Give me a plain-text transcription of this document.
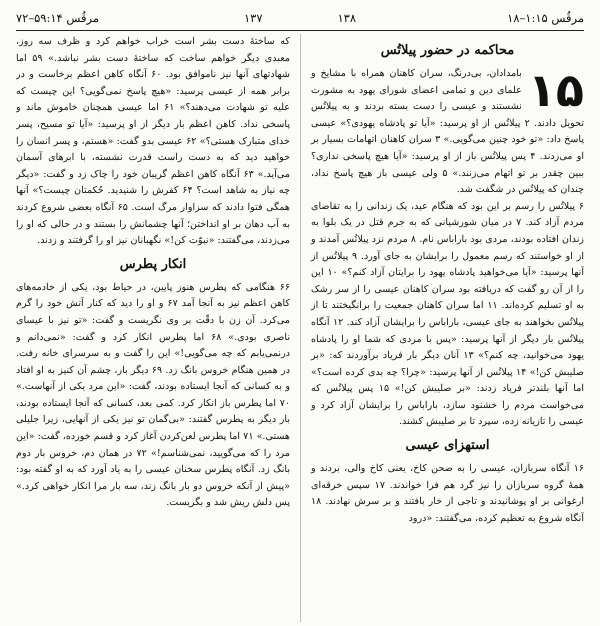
مرقُس ۱:۱۵–۱۸
۱۳۸
۱۳۷
مرقُس ۵۹:۱۴–۷۲
محاکمه در حضور پیلاتُس

۱۵
بامدادان، بی‌درنگ، سران کاهنان همراه با مشایخ و علمای دین و تمامی اعضای شورای یهود به مشورت نشستند و عیسی را دست بسته بردند و به پیلاتُس تحویل دادند. ۲ پیلاتُس از او پرسید: «آیا تو پادشاه یهودی؟» عیسی پاسخ داد: «تو خود چنین می‌گویی.» ۳ سران کاهنان اتهامات بسیار بر او می‌زدند. ۴ پس پیلاتُس باز از او پرسید: «آیا هیچ پاسخی نداری؟ ببین چقدر بر تو اتهام می‌زنند.» ۵ ولی عیسی باز هیچ پاسخ نداد، چندان که پیلاتُس در شگفت شد.

۶ پیلاتُس را رسم بر این بود که هنگام عید، یک زندانی را به تقاضای مردم آزاد کند. ۷ در میان شورشیانی که به جرم قتل در یک بلوا به زندان افتاده بودند، مردی بود باراباس نام. ۸ مردم نزد پیلاتُس آمدند و از او خواستند که رسم معمول را برایشان به جای آورد. ۹ پیلاتُس از آنها پرسید: «آیا می‌خواهید پادشاه یهود را برایتان آزاد کنم؟» ۱۰ این را از آن رو گفت که دریافته بود سران کاهنان عیسی را از سر رشک به او تسلیم کرده‌اند. ۱۱ اما سران کاهنان جمعیت را برانگیختند تا از پیلاتُس بخواهند به جای عیسی، باراباس را برایشان آزاد کند. ۱۲ آنگاه پیلاتُس بار دیگر از آنها پرسید: «پس با مردی که شما او را پادشاه یهود می‌خوانید، چه کنم؟» ۱۳ آنان دیگر بار فریاد برآوردند که: «بر صلیبش کن!» ۱۴ پیلاتُس از آنها پرسید: «چرا؟ چه بدی کرده است؟» اما آنها بلندتر فریاد زدند: «بر صلیبش کن!» ۱۵ پس پیلاتُس که می‌خواست مردم را خشنود سازد، باراباس را برایشان آزاد کرد و عیسی را تازیانه زده، سپرد تا بر صلیبش کشند.

استهزای عیسی

۱۶ آنگاه سربازان، عیسی را به صحن کاخ، یعنی کاخ والی، بردند و همهٔ گروه سربازان را نیز گرد هم فرا خواندند. ۱۷ سپس خرقه‌ای ارغوانی بر او پوشانیدند و تاجی از خار بافتند و بر سرش نهادند. ۱۸ آنگاه شروع به تعظیم کرده، می‌گفتند: «درود

که ساختهٔ دست بشر است خراب خواهم کرد و ظرف سه روز، معبدی دیگر خواهم ساخت که ساختهٔ دست بشر نباشد.» ۵۹ اما شهادتهای آنها نیز ناموافق بود. ۶۰ آنگاه کاهن اعظم برخاست و در برابر همه از عیسی پرسید: «هیچ پاسخ نمی‌گویی؟ این چیست که علیه تو شهادت می‌دهند؟» ۶۱ اما عیسی همچنان خاموش ماند و پاسخی نداد. کاهن اعظم بار دیگر از او پرسید: «آیا تو مسیح، پسر خدای متبارک هستی؟» ۶۲ عیسی بدو گفت: «هستم، و پسر انسان را خواهید دید که به دست راست قدرت نشسته، با ابرهای آسمان می‌آید.» ۶۳ آنگاه کاهن اعظم گریبان خود را چاک زد و گفت: «دیگر چه نیاز به شاهد است؟ ۶۴ کفرش را شنیدید. حُکمتان چیست؟» آنها همگی فتوا دادند که سزاوار مرگ است. ۶۵ آنگاه بعضی شروع کردند به آب دهان بر او انداختن؛ آنها چشمانش را بستند و در حالی که او را می‌زدند، می‌گفتند: «نبوّت کن!» نگهبانان نیز او را گرفتند و زدند.

انکار پطرس

۶۶ هنگامی که پطرس هنوز پایین، در حیاط بود، یکی از خادمه‌های کاهن اعظم نیز به آنجا آمد ۶۷ و او را دید که کنار آتش خود را گرم می‌کرد. آن زن با دقّت بر وی نگریست و گفت: «تو نیز با عیسای ناصری بودی.» ۶۸ اما پطرس انکار کرد و گفت: «نمی‌دانم و درنمی‌یابم که چه می‌گویی!» این را گفت و به سرسرای خانه رفت. در همین هنگام خروس بانگ زد. ۶۹ دیگر بار، چشم آن کنیز به او افتاد و به کسانی که آنجا ایستاده بودند، گفت: «این مرد یکی از آنهاست.» ۷۰ اما پطرس باز انکار کرد. کمی بعد، کسانی که آنجا ایستاده بودند، بار دیگر به پطرس گفتند: «بی‌گمان تو نیز یکی از آنهایی، زیرا جلیلی هستی.» ۷۱ اما پطرس لعن‌کردن آغاز کرد و قسم خورده، گفت: «این مرد را که می‌گویید، نمی‌شناسم!» ۷۲ در همان دم، خروس بار دوم بانگ زد. آنگاه پطرس سخنان عیسی را به یاد آورد که به او گفته بود: «پیش از آنکه خروس دو بار بانگ زند، سه بار مرا انکار خواهی کرد.» پس دلش ریش شد و بگریست.
